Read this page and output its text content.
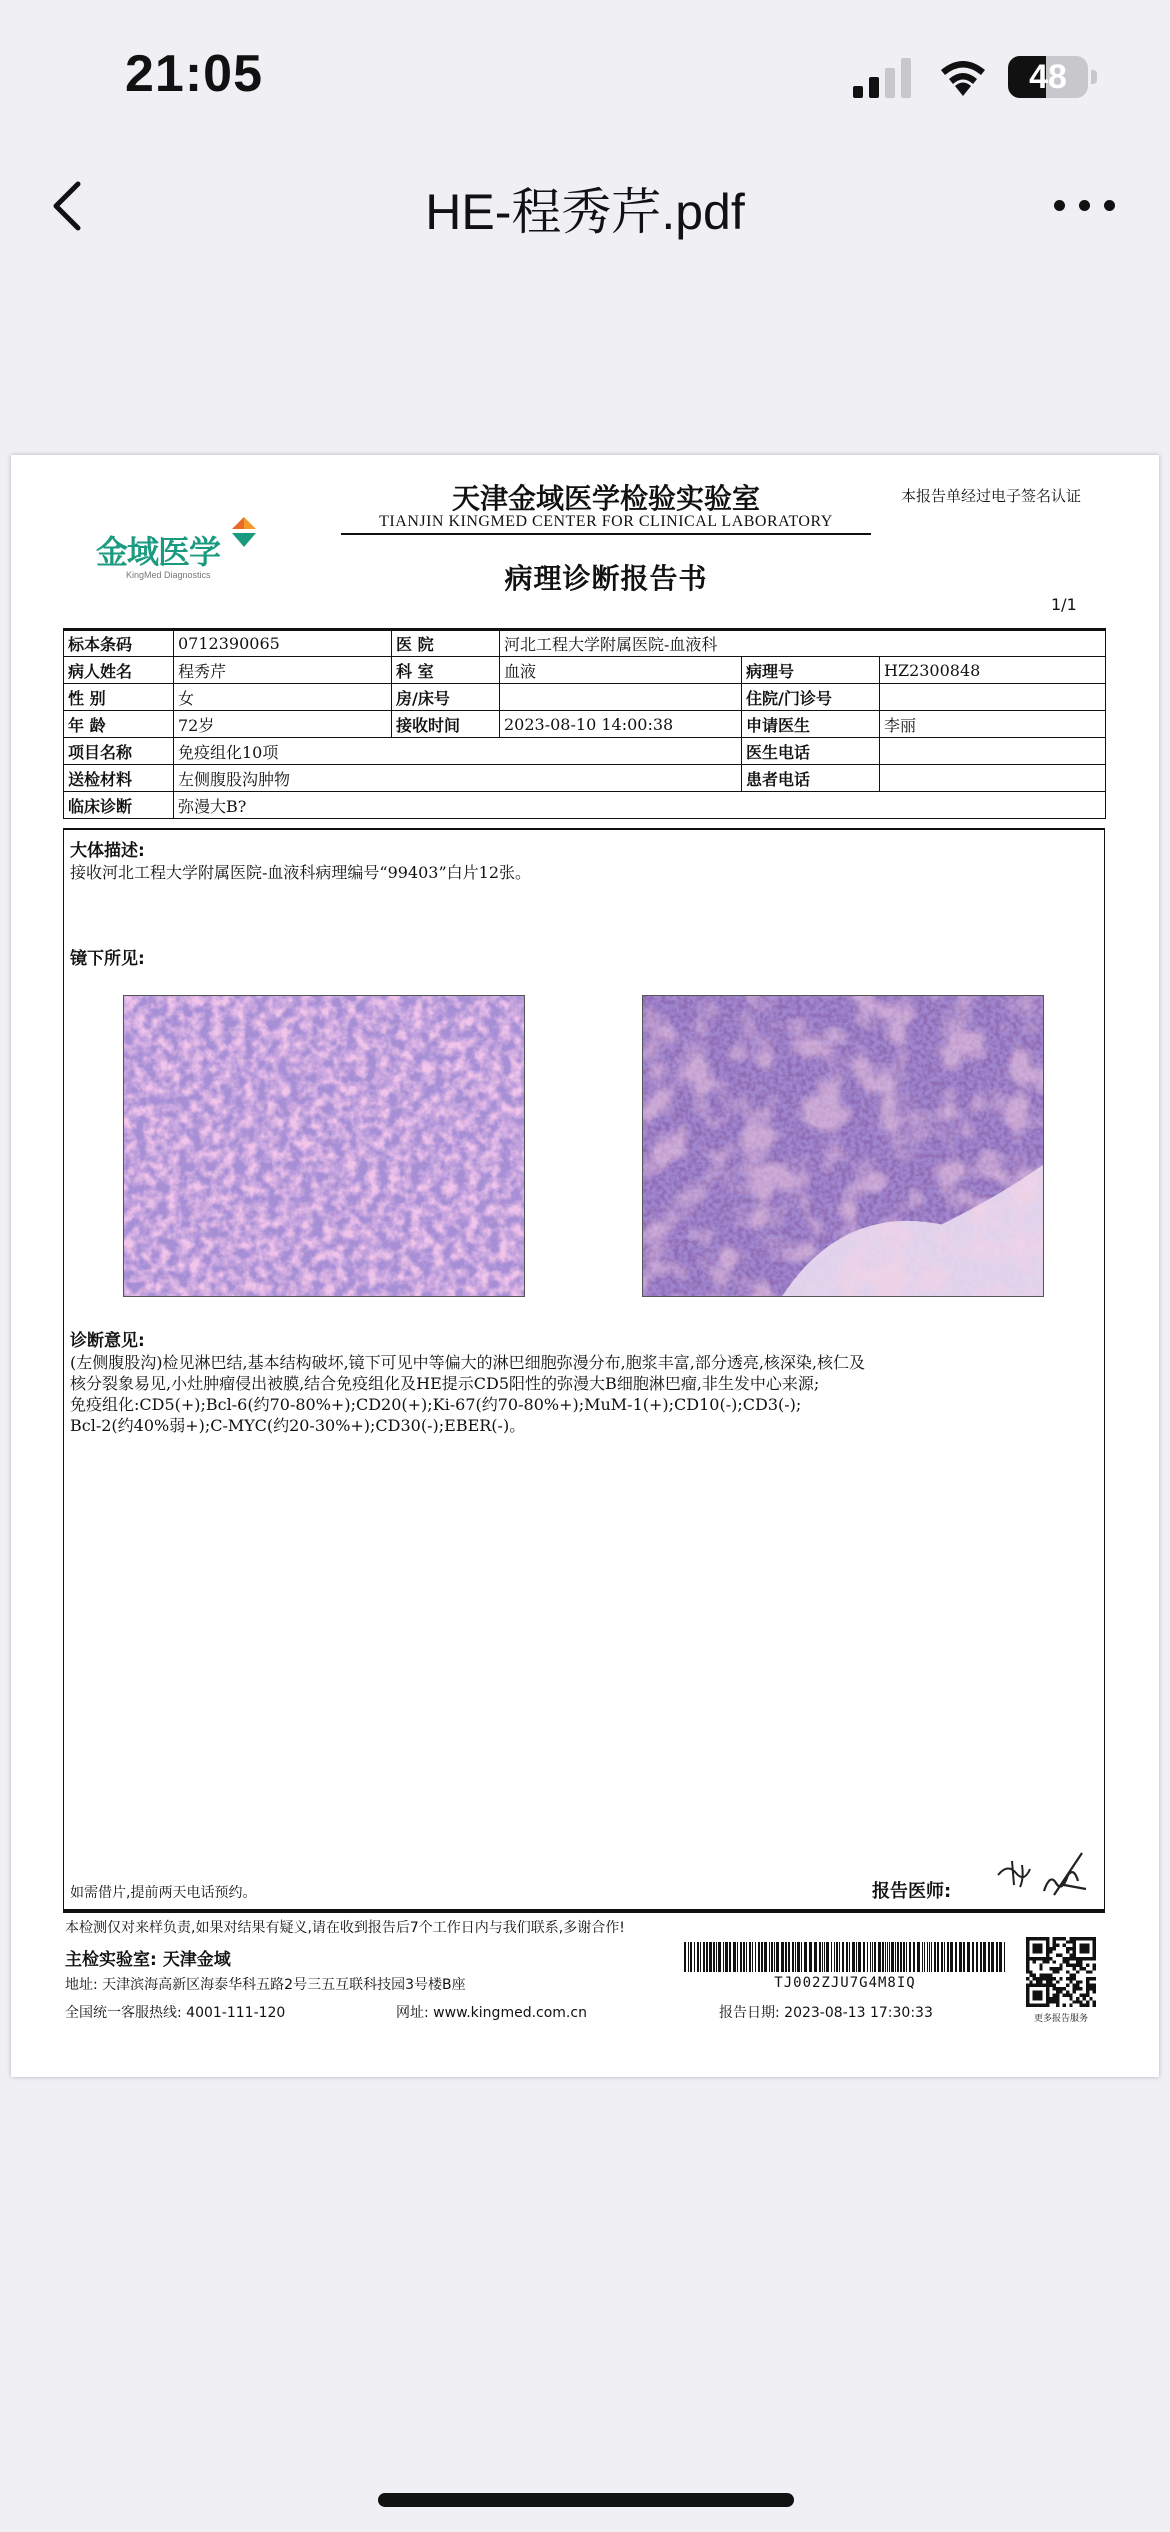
21:05	48
HE-程秀芹.pdf
金域医学
KingMed Diagnostics
天津金域医学检验实验室
TIANJIN KINGMED CENTER FOR CLINICAL LABORATORY
本报告单经过电子签名认证
病理诊断报告书
1/1
标本条码	0712390065	医 院	河北工程大学附属医院-血液科		
病人姓名	程秀芹	科 室	血液	病理号	HZ2300848
性 别	女	房/床号		住院/门诊号	
年 龄	72岁	接收时间	2023-08-10 14:00:38	申请医生	李丽
项目名称	免疫组化10项			医生电话	
送检材料	左侧腹股沟肿物			患者电话	
临床诊断	弥漫大B?				
大体描述:
接收河北工程大学附属医院-血液科病理编号“99403”白片12张。
镜下所见:
诊断意见:
(左侧腹股沟)检见淋巴结,基本结构破坏,镜下可见中等偏大的淋巴细胞弥漫分布,胞浆丰富,部分透亮,核深染,核仁及
核分裂象易见,小灶肿瘤侵出被膜,结合免疫组化及HE提示CD5阳性的弥漫大B细胞淋巴瘤,非生发中心来源;
免疫组化:CD5(+);Bcl-6(约70-80%+);CD20(+);Ki-67(约70-80%+);MuM-1(+);CD10(-);CD3(-);
Bcl-2(约40%弱+);C-MYC(约20-30%+);CD30(-);EBER(-)。
如需借片,提前两天电话预约。	报告医师:
本检测仅对来样负责,如果对结果有疑义,请在收到报告后7个工作日内与我们联系,多谢合作!
主检实验室: 天津金域
地址: 天津滨海高新区海泰华科五路2号三五互联科技园3号楼B座
全国统一客服热线: 4001-111-120	网址: www.kingmed.com.cn	报告日期: 2023-08-13 17:30:33
TJ002ZJU7G4M8IQ
更多报告服务
